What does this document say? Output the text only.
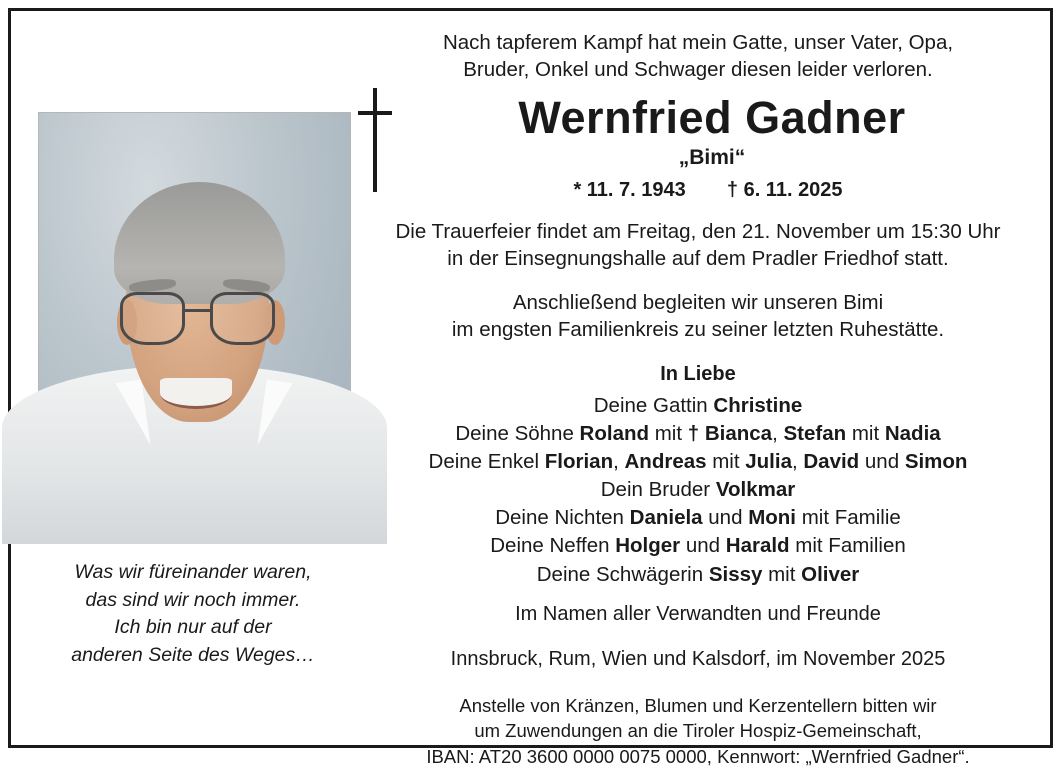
Was wir füreinander waren,
das sind wir noch immer.
Ich bin nur auf der
anderen Seite des Weges…
Nach tapferem Kampf hat mein Gatte, unser Vater, Opa,
Bruder, Onkel und Schwager diesen leider verloren.
Wernfried Gadner
„Bimi“
* 11. 7. 1943 † 6. 11. 2025
Die Trauerfeier findet am Freitag, den 21. November um 15:30 Uhr
in der Einsegnungshalle auf dem Pradler Friedhof statt.
Anschließend begleiten wir unseren Bimi
im engsten Familienkreis zu seiner letzten Ruhestätte.
In Liebe
Deine Gattin Christine
Deine Söhne Roland mit † Bianca, Stefan mit Nadia
Deine Enkel Florian, Andreas mit Julia, David und Simon
Dein Bruder Volkmar
Deine Nichten Daniela und Moni mit Familie
Deine Neffen Holger und Harald mit Familien
Deine Schwägerin Sissy mit Oliver
Im Namen aller Verwandten und Freunde
Innsbruck, Rum, Wien und Kalsdorf, im November 2025
Anstelle von Kränzen, Blumen und Kerzentellern bitten wir
um Zuwendungen an die Tiroler Hospiz-Gemeinschaft,
IBAN: AT20 3600 0000 0075 0000, Kennwort: „Wernfried Gadner“.
